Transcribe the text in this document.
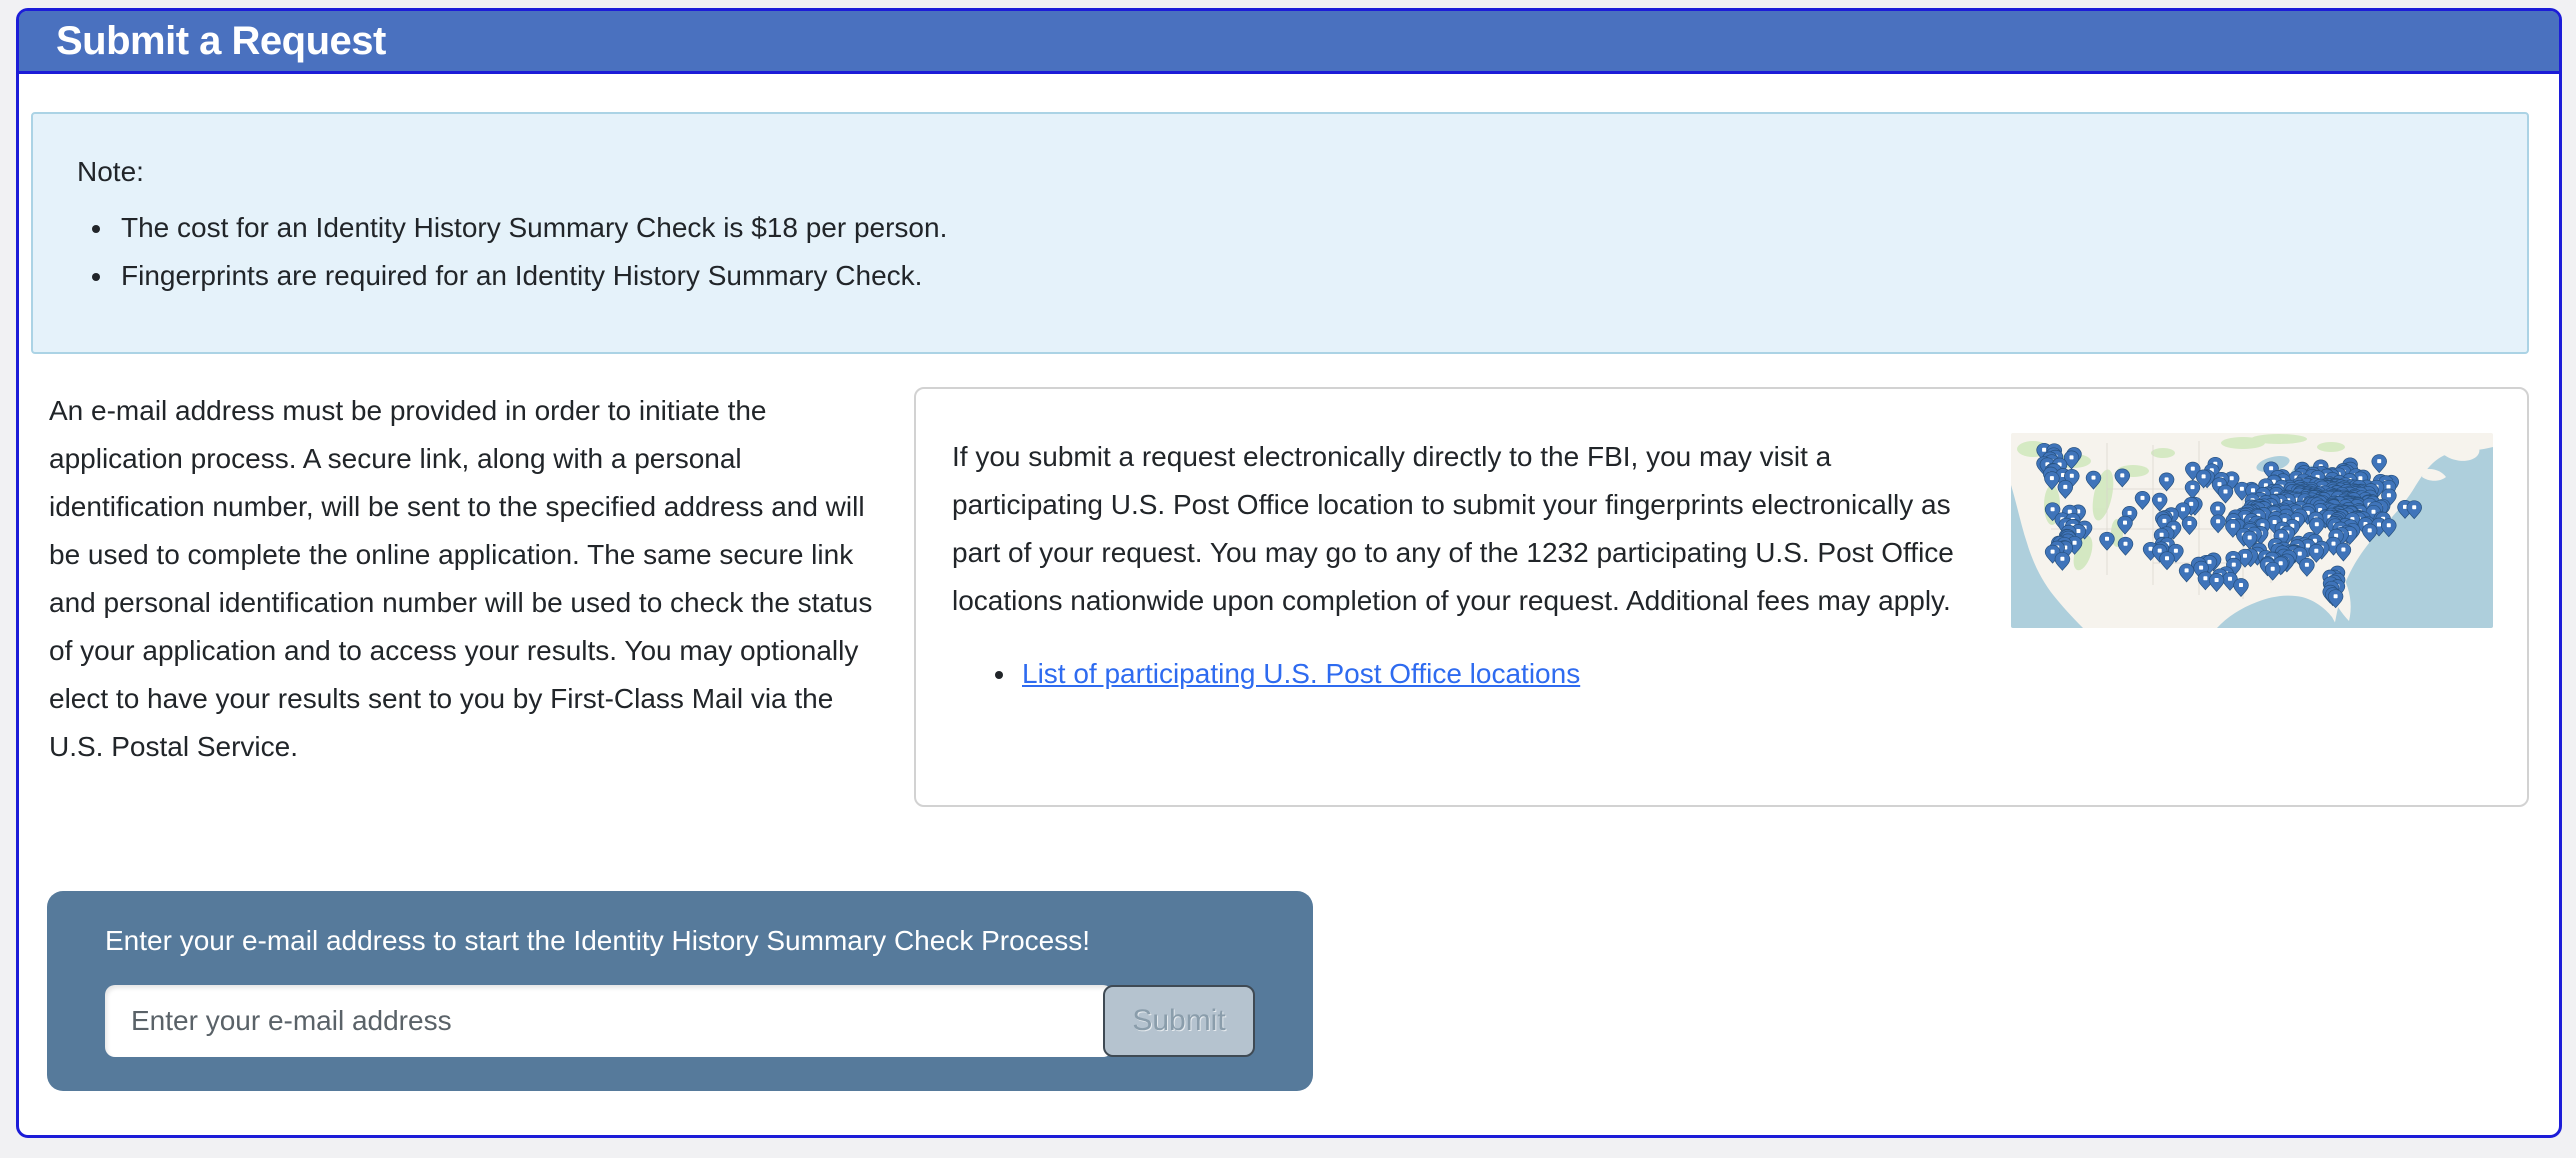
Submit a Request
Note:
• The cost for an Identity History Summary Check is $18 per person.
• Fingerprints are required for an Identity History Summary Check.

An e-mail address must be provided in order to initiate the application process. A secure link, along with a personal identification number, will be sent to the specified address and will be used to complete the online application. The same secure link and personal identification number will be used to check the status of your application and to access your results. You may optionally elect to have your results sent to you by First-Class Mail via the U.S. Postal Service.

If you submit a request electronically directly to the FBI, you may visit a participating U.S. Post Office location to submit your fingerprints electronically as part of your request. You may go to any of the 1232 participating U.S. Post Office locations nationwide upon completion of your request. Additional fees may apply.

• List of participating U.S. Post Office locations
Enter your e-mail address to start the Identity History Summary Check Process!
Enter your e-mail address
Submit
